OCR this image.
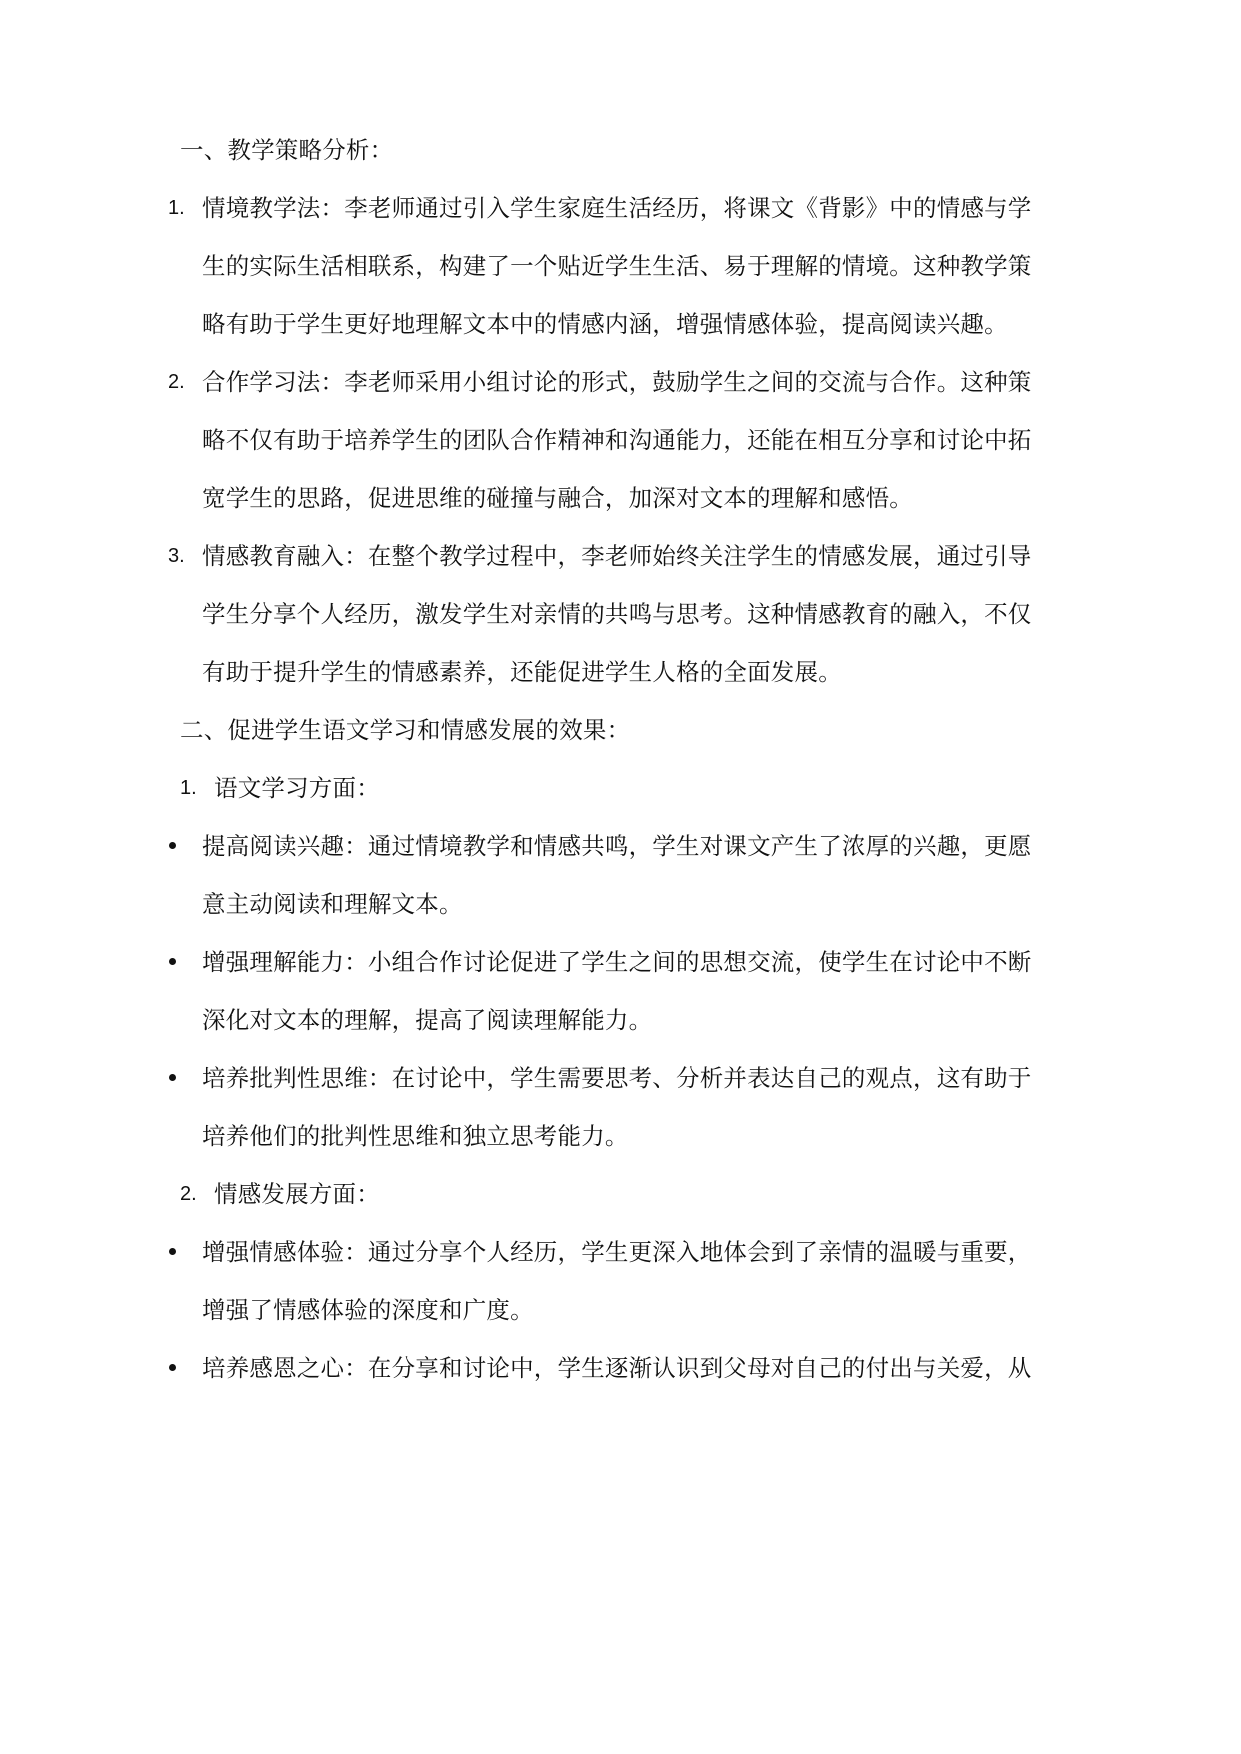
一、教学策略分析：
1. 情境教学法：李老师通过引入学生家庭生活经历，将课文《背影》中的情感与学
生的实际生活相联系，构建了一个贴近学生生活、易于理解的情境。这种教学策
略有助于学生更好地理解文本中的情感内涵，增强情感体验，提高阅读兴趣。
2. 合作学习法：李老师采用小组讨论的形式，鼓励学生之间的交流与合作。这种策
略不仅有助于培养学生的团队合作精神和沟通能力，还能在相互分享和讨论中拓
宽学生的思路，促进思维的碰撞与融合，加深对文本的理解和感悟。
3. 情感教育融入：在整个教学过程中，李老师始终关注学生的情感发展，通过引导
学生分享个人经历，激发学生对亲情的共鸣与思考。这种情感教育的融入，不仅
有助于提升学生的情感素养，还能促进学生人格的全面发展。
二、促进学生语文学习和情感发展的效果：
1. 语文学习方面：
提高阅读兴趣：通过情境教学和情感共鸣，学生对课文产生了浓厚的兴趣，更愿
意主动阅读和理解文本。
增强理解能力：小组合作讨论促进了学生之间的思想交流，使学生在讨论中不断
深化对文本的理解，提高了阅读理解能力。
培养批判性思维：在讨论中，学生需要思考、分析并表达自己的观点，这有助于
培养他们的批判性思维和独立思考能力。
2. 情感发展方面：
增强情感体验：通过分享个人经历，学生更深入地体会到了亲情的温暖与重要，
增强了情感体验的深度和广度。
培养感恩之心：在分享和讨论中，学生逐渐认识到父母对自己的付出与关爱，从
